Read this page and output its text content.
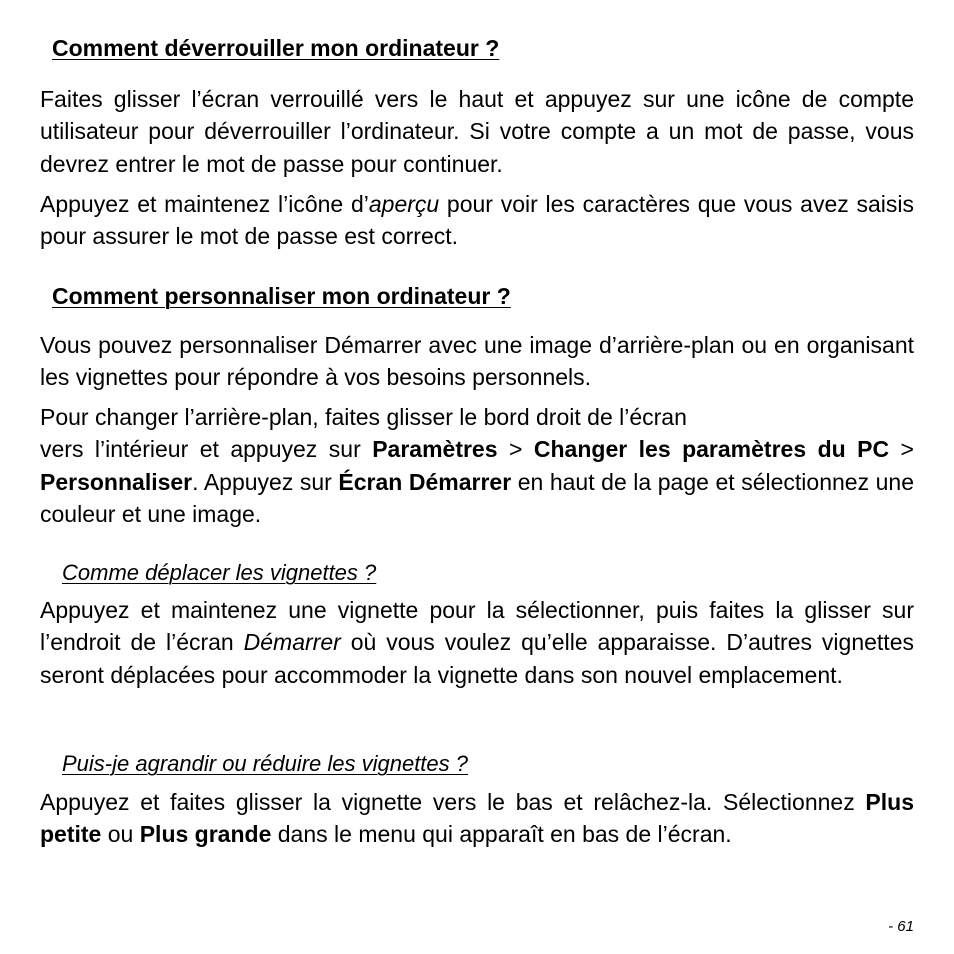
Comment déverrouiller mon ordinateur ?

Faites glisser l’écran verrouillé vers le haut et appuyez sur une icône de compte utilisateur pour déverrouiller l’ordinateur. Si votre compte a un mot de passe, vous devrez entrer le mot de passe pour continuer.

Appuyez et maintenez l’icône d’aperçu pour voir les caractères que vous avez saisis pour assurer le mot de passe est correct.

Comment personnaliser mon ordinateur ?

Vous pouvez personnaliser Démarrer avec une image d’arrière-plan ou en organisant les vignettes pour répondre à vos besoins personnels.

Pour changer l’arrière-plan, faites glisser le bord droit de l’écran
vers l’intérieur et appuyez sur Paramètres > Changer les paramètres du PC > Personnaliser. Appuyez sur Écran Démarrer en haut de la page et sélectionnez une couleur et une image.

Comme déplacer les vignettes ?

Appuyez et maintenez une vignette pour la sélectionner, puis faites la glisser sur l’endroit de l’écran Démarrer où vous voulez qu’elle apparaisse. D’autres vignettes seront déplacées pour accommoder la vignette dans son nouvel emplacement.

Puis-je agrandir ou réduire les vignettes ?

Appuyez et faites glisser la vignette vers le bas et relâchez-la. Sélectionnez Plus petite ou Plus grande dans le menu qui apparaît en bas de l’écran.

- 61
